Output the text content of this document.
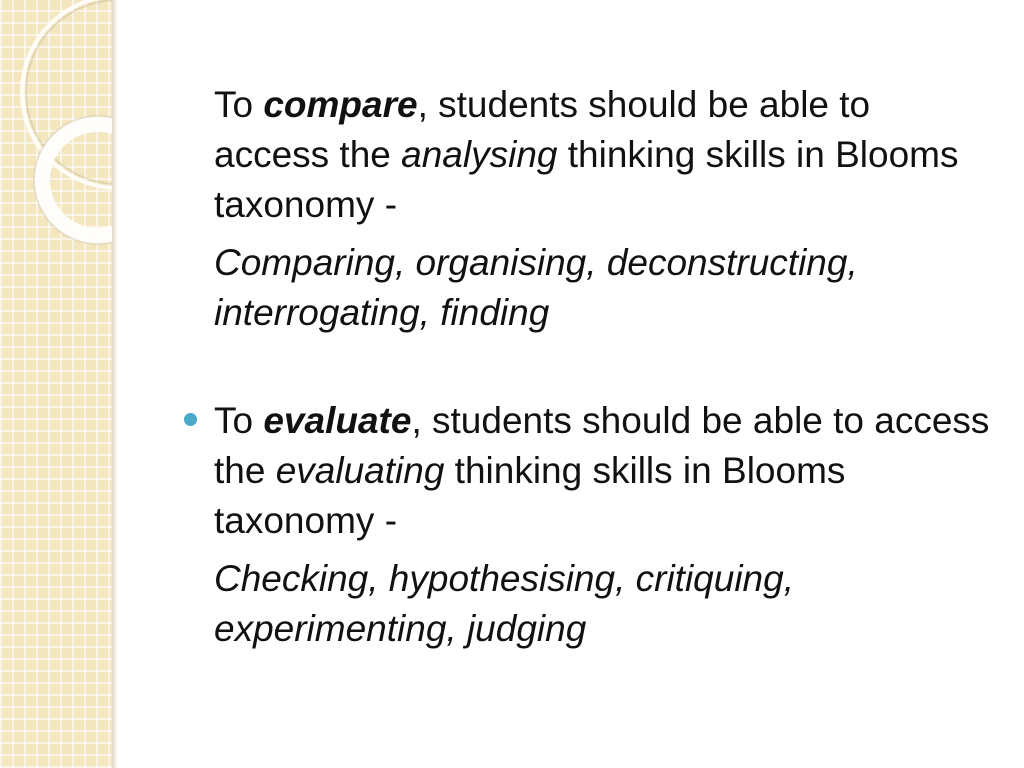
To compare, students should be able to access the analysing thinking skills in Blooms taxonomy -

Comparing, organising, deconstructing, interrogating, finding

To evaluate, students should be able to access the evaluating thinking skills in Blooms taxonomy -

Checking, hypothesising, critiquing, experimenting, judging
